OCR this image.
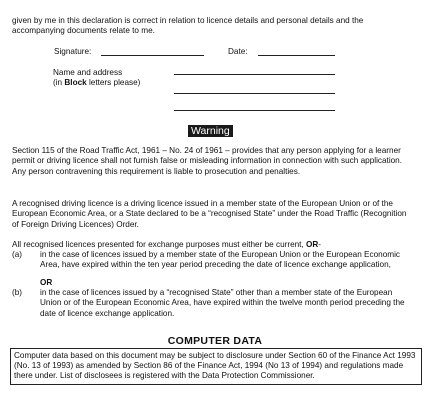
given by me in this declaration is correct in relation to licence details and personal details and the accompanying documents relate to me.

Signature:	Date:
Name and address
(in Block letters please)
Warning

Section 115 of the Road Traffic Act, 1961 – No. 24 of 1961 – provides that any person applying for a learner permit or driving licence shall not furnish false or misleading information in connection with such application. Any person contravening this requirement is liable to prosecution and penalties.

A recognised driving licence is a driving licence issued in a member state of the European Union or of the European Economic Area, or a State declared to be a “recognised State” under the Road Traffic (Recognition of Foreign Driving Licences) Order.

All recognised licences presented for exchange purposes must either be current, OR-

(a) in the case of licences issued by a member state of the European Union or the European Economic Area, have expired within the ten year period preceding the date of licence exchange application,

OR
(b) in the case of licences issued by a “recognised State” other than a member state of the European Union or of the European Economic Area, have expired within the twelve month period preceding the date of licence exchange application.

COMPUTER DATA

Computer data based on this document may be subject to disclosure under Section 60 of the Finance Act 1993 (No. 13 of 1993) as amended by Section 86 of the Finance Act, 1994 (No 13 of 1994) and regulations made there under. List of disclosees is registered with the Data Protection Commissioner.
